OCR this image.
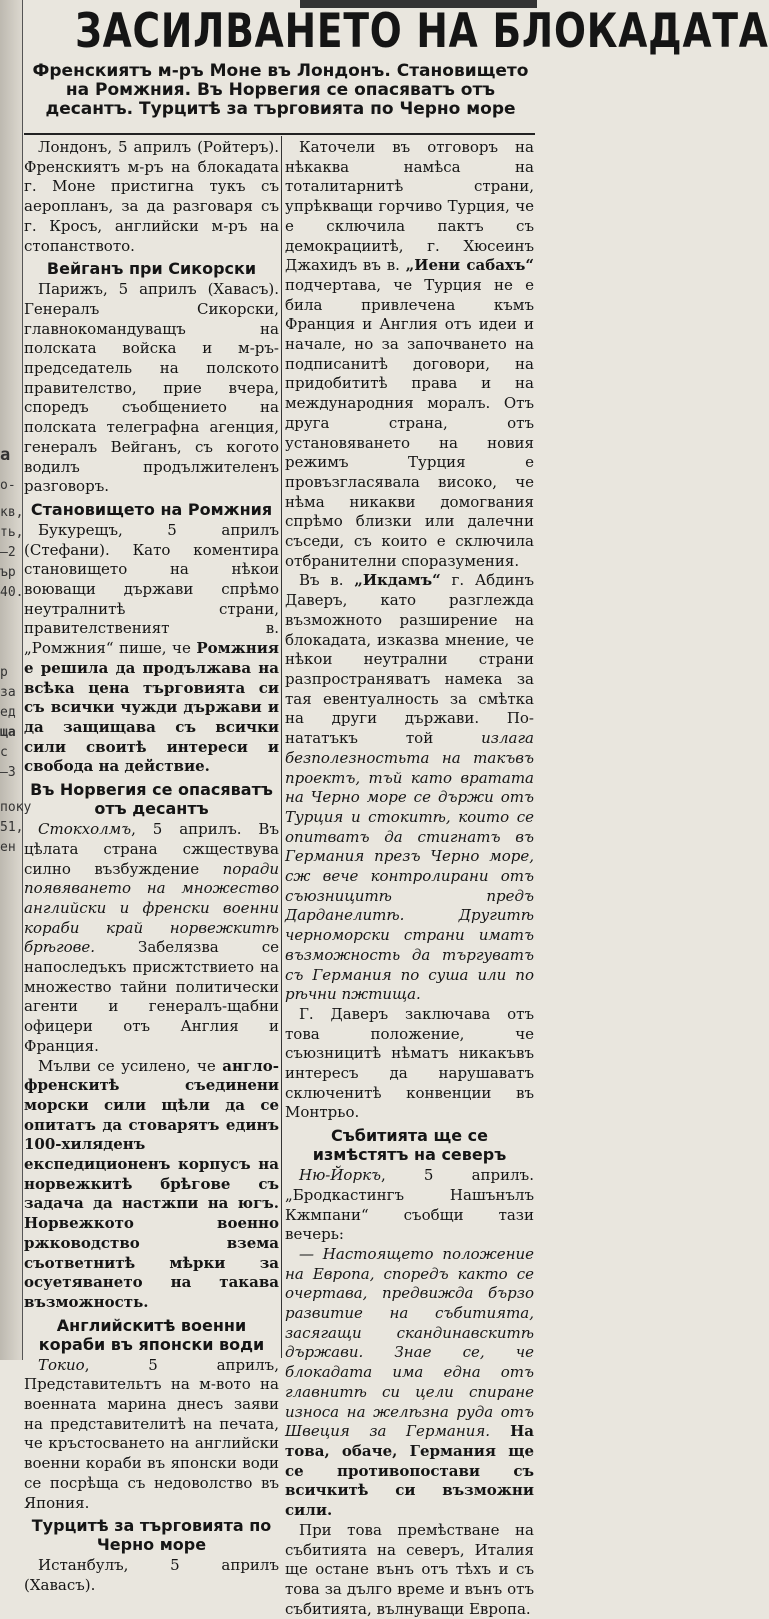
а
о-
кв,
ть,
—2
ър
40.
р
за
ед
ща
с
—3
поку
51,
ен
ЗАСИЛВАНЕТО НА БЛОКАДАТА
Френскиятъ м-ръ Моне въ Лондонъ. Становището на Ромжния. Въ Норвегия се опасяватъ отъ десантъ. Турцитѣ за търговията по Черно море

Лондонъ, 5 априлъ (Ройтеръ). Френскиятъ м-ръ на блокадата г. Моне пристигна тукъ съ аеропланъ, за да разговаря съ г. Кросъ, английски м-ръ на стопанството.

Вейганъ при Сикорски

Парижъ, 5 априлъ (Хавасъ). Генералъ Сикорски, главнокомандуващъ на полската войска и м-ръ-председатель на полското правителство, прие вчера, споредъ съобщението на полската телеграфна агенция, генералъ Вейганъ, съ когото водилъ продължителенъ разговоръ.

Становището на Ромжния

Букурещъ, 5 априлъ (Стефани). Като коментира становището на нѣкои воюващи държави спрѣмо неутралнитѣ страни, правителственият в. „Ромжния“ пише, че Ромжния е решила да продължава на всѣка цена търговията си съ всички чужди държави и да защищава съ всички сили своитѣ интереси и свобода на действие.

Въ Норвегия се опасяватъ отъ десантъ

Стокхолмъ, 5 априлъ. Въ цѣлата страна сжществува силно възбуждение поради появяването на множество английски и френски военни кораби край норвежкитѣ брѣгове. Забелязва се напоследъкъ присжтствието на множество тайни политически агенти и генералъ-щабни офицери отъ Англия и Франция.

Мълви се усилено, че англо-френскитѣ съединени морски сили щѣли да се опитатъ да стоварятъ единъ 100-хиляденъ експедиционенъ корпусъ на норвежкитѣ брѣгове съ задача да настжпи на югъ. Норвежкото военно ржководство взема съответнитѣ мѣрки за осуетяването на такава възможность.

Английскитѣ военни кораби въ японски води

Токио, 5 априлъ, Представительтъ на м-вото на военната марина днесъ заяви на представителитѣ на печата, че кръстосването на английски военни кораби въ японски води се посрѣща съ недоволство въ Япония.

Турцитѣ за търговията по Черно море

Истанбулъ, 5 априлъ (Хавасъ).

Каточели въ отговоръ на нѣкаква намѣса на тоталитарнитѣ страни, упрѣкващи горчиво Турция, че е сключила пактъ съ демокрациитѣ, г. Хюсеинъ Джахидъ въ в. „Иени сабахъ“ подчертава, че Турция не е била привлечена къмъ Франция и Англия отъ идеи и начале, но за започването на подписанитѣ договори, на придобититѣ права и на международния моралъ. Отъ друга страна, отъ установяването на новия режимъ Турция е провъзгласявала високо, че нѣма никакви домогвания спрѣмо близки или далечни съседи, съ които е сключила отбранителни споразумения.

Въ в. „Икдамъ“ г. Абдинъ Даверъ, като разглежда възможното разширение на блокадата, изказва мнение, че нѣкои неутрални страни разпространяватъ намека за тая евентуалность за смѣтка на други държави. По-нататъкъ той излага безполезностьта на такъвъ проектъ, тъй като вратата на Черно море се държи отъ Турция и стокитѣ, които се опитватъ да стигнатъ въ Германия презъ Черно море, сж вече контролирани отъ съюзницитѣ предъ Дарданелитѣ. Другитѣ черноморски страни иматъ възможность да търгуватъ съ Германия по суша или по рѣчни пжтища.

Г. Даверъ заключава отъ това положение, че съюзницитѣ нѣматъ никакъвъ интересъ да нарушаватъ сключенитѣ конвенции въ Монтрьо.

Събитията ще се измѣстятъ на северъ

Ню-Йоркъ, 5 априлъ. „Бродкастингъ Нашънълъ Кжмпани“ съобщи тази вечерь:

— Настоящето положение на Европа, споредъ както се очертава, предвижда бързо развитие на събитията, засягащи скандинавскитѣ държави. Знае се, че блокадата има една отъ главнитѣ си цели спиране износа на желѣзна руда отъ Швеция за Германия. На това, обаче, Германия ще се противопостави съ всичкитѣ си възможни сили.

При това премѣстване на събитията на северъ, Италия ще остане вънъ отъ тѣхъ и съ това за дълго време и вънъ отъ събитията, вълнуващи Европа.
